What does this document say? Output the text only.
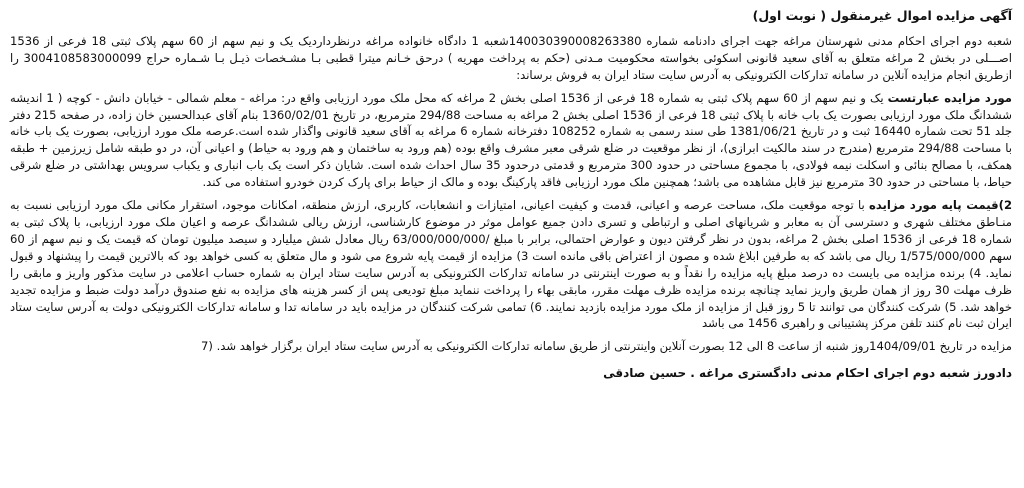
آگهی مزایده اموال غیرمنقول ( نوبت اول)

شعبه دوم اجرای احکام مدنی شهرستان مراغه جهت اجرای دادنامه شماره 14003039000826338‌0شعبه 1 دادگاه خانواده مراغه درنظرداردیک یک و نیم سهم از 60 سهم پلاک ثبتی 18 فرعی از 1536 اصـــلی در بخش 2 مراغه متعلق به آقای سعید قانونی اسکوئی بخواسته محکومیت مـدنی (حکم به پرداخت مهریه ) درحق خـانم میترا قطبی بـا مشـخصات ذیـل بـا شـماره حراج 3004108583000099 را ازطریق انجام مزایده آنلاین در سامانه تدارکات الکترونیکی به آدرس سایت ستاد ایران به فروش برساند:

مورد مزایده عبارتست یک و نیم سهم از 60 سهم پلاک ثبتی به شماره 18 فرعی از 1536 اصلی بخش 2 مراغه که محل ملک مورد ارزیابی واقع در: مراغه - معلم شمالی - خیابان دانش - کوچه ( 1 اندیشه ششدانگ ملک مورد ارزیابی بصورت یک باب خانه با پلاک ثبتی 18 فرعی از 1536 اصلی بخش 2 مراغه به مساحت 294/88 مترمربع، در تاریخ 1360/02/01 بنام آقای عبدالحسین خان زاده، در صفحه 215 دفتر جلد 51 تحت شماره 16440 ثبت و در تاریخ 1381/06/21 طی سند رسمی به شماره 108252 دفترخانه شماره 6 مراغه به آقای سعید قانونی واگذار شده است.عرصه ملک مورد ارزیابی، بصورت یک باب خانه با مساحت 294/88 مترمربع (مندرج در سند مالکیت ابرازی)، از نظر موقعیت در ضلع شرقی معبر مشرف واقع بوده (هم ورود به ساختمان و هم ورود به حیاط) و اعیانی آن، در دو طبقه شامل زیرزمین + طبقه همکف، با مصالح بنائی و اسکلت نیمه فولادی، با مجموع مساحتی در حدود 300 مترمربع و قدمتی درحدود 35 سال احداث شده است. شایان ذکر است یک باب انباری و یکباب سرویس بهداشتی در ضلع شرقی حیاط، با مساحتی در حدود 30 مترمربع نیز قابل مشاهده می باشد؛ همچنین ملک مورد ارزیابی فاقد پارکینگ بوده و مالک از حیاط برای پارک کردن خودرو استفاده می کند.

2)قیمت پایه مورد مزایده با توجه موقعیت ملک، مساحت عرصه و اعیانی، قدمت و کیفیت اعیانی، امتیازات و انشعابات، کاربری، ارزش منطقه، امکانات موجود، استقرار مکانی ملک مورد ارزیابی نسبت به منـاطق مختلف شهری و دسترسی آن به معابر و شریانهای اصلی و ارتباطی و تسری دادن جمیع عوامل موثر در موضوع کارشناسی، ارزش ریالی ششدانگ عرصه و اعیان ملک مورد ارزیابی، با پلاک ثبتی به شماره 18 فرعی از 1536 اصلی بخش 2 مراغه، بدون در نظر گرفتن دیون و عوارض احتمالی، برابر با مبلغ /63/000/000/000 ریال معادل شش میلیارد و سیصد میلیون تومان که قیمت یک و نیم سهم از 60 سهم 1/575/000/000 ریال می باشد که به طرفین ابلاغ شده و مصون از اعتراض باقی مانده است 3) مزایده از قیمت پایه شروع می شود و مال متعلق به کسی خواهد بود که بالاترین قیمت را پیشنهاد و قبول نماید. 4) برنده مزایده می بایست ده درصد مبلغ پایه مزایده را نقداً و به صورت اینترنتی در سامانه تدارکات الکترونیکی به آدرس سایت ستاد ایران به شماره حساب اعلامی در سایت مذکور واریز و مابقی را ظرف مهلت 30 روز از همان طریق واریز نماید چنانچه برنده مزایده ظرف مهلت مقرر، مابقی بهاء را پرداخت ننماید مبلغ تودیعی پس از کسر هزینه های مزایده به نفع صندوق درآمد دولت ضبط و مزایده تجدید خواهد شد. 5) شرکت کنندگان می توانند تا 5 روز قبل از مزایده از ملک مورد مزایده بازدید نمایند. 6) تمامی شرکت کنندگان در مزایده باید در سامانه تدا و سامانه تدارکات الکترونیکی دولت به آدرس سایت ستاد ایران ثبت نام کنند تلفن مرکز پشتیبانی و راهبری 1456 می باشد

مزایده در تاریخ 1404/09/01روز شنبه از ساعت 8 الی 12 بصورت آنلاین واینترنتی از طریق سامانه تدارکات الکترونیکی به آدرس سایت ستاد ایران برگزار خواهد شد. (7

دادورز شعبه دوم اجرای احکام مدنی دادگستری مراغه . حسین صادقی
